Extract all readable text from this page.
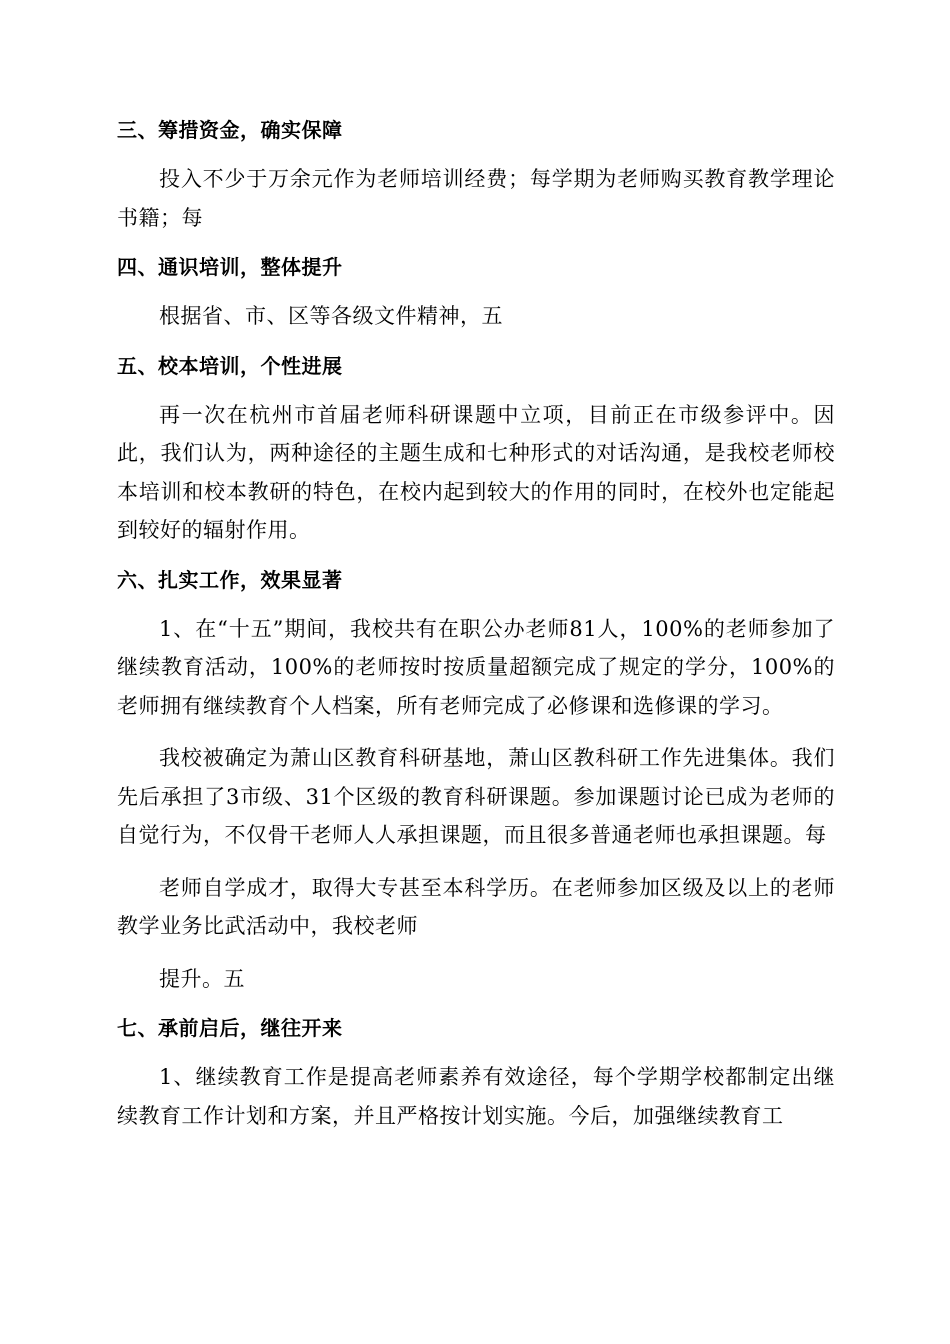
三、筹措资金，确实保障

投入不少于万余元作为老师培训经费；每学期为老师购买教育教学理论书籍；每

四、通识培训，整体提升

根据省、市、区等各级文件精神，五

五、校本培训，个性进展

再一次在杭州市首届老师科研课题中立项，目前正在市级参评中。因此，我们认为，两种途径的主题生成和七种形式的对话沟通，是我校老师校本培训和校本教研的特色，在校内起到较大的作用的同时，在校外也定能起到较好的辐射作用。

六、扎实工作，效果显著

1、在“十五”期间，我校共有在职公办老师81人，100%的老师参加了继续教育活动，100%的老师按时按质量超额完成了规定的学分，100%的老师拥有继续教育个人档案，所有老师完成了必修课和选修课的学习。

我校被确定为萧山区教育科研基地，萧山区教科研工作先进集体。我们先后承担了3市级、31个区级的教育科研课题。参加课题讨论已成为老师的自觉行为，不仅骨干老师人人承担课题，而且很多普通老师也承担课题。每

老师自学成才，取得大专甚至本科学历。在老师参加区级及以上的老师教学业务比武活动中，我校老师

提升。五

七、承前启后，继往开来

1、继续教育工作是提高老师素养有效途径，每个学期学校都制定出继续教育工作计划和方案，并且严格按计划实施。今后，加强继续教育工
